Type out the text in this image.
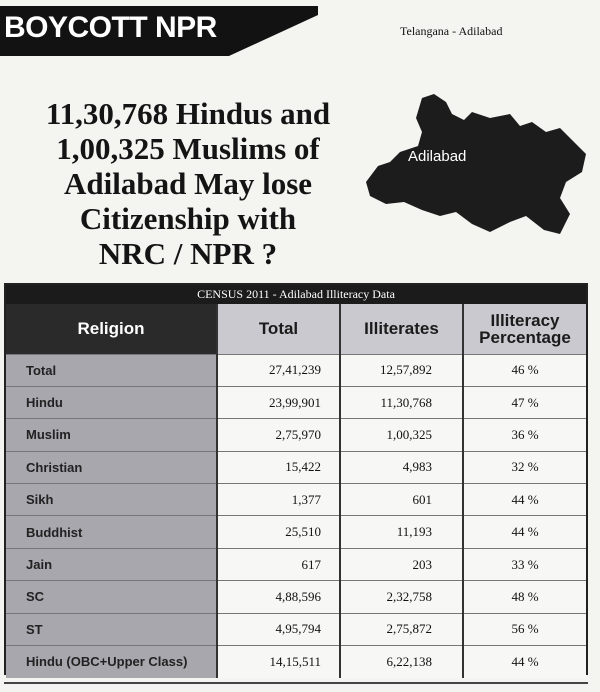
BOYCOTT NPR	Telangana - Adilabad
11,30,768 Hindus and
1,00,325 Muslims of
Adilabad May lose
Citizenship with
NRC / NPR ?
Adilabad
CENSUS 2011 - Adilabad Illiteracy Data
Religion	Total	Illiterates	Illiteracy Percentage
Total	27,41,239	12,57,892	46 %
Hindu	23,99,901	11,30,768	47 %
Muslim	2,75,970	1,00,325	36 %
Christian	15,422	4,983	32 %
Sikh	1,377	601	44 %
Buddhist	25,510	11,193	44 %
Jain	617	203	33 %
SC	4,88,596	2,32,758	48 %
ST	4,95,794	2,75,872	56 %
Hindu (OBC+Upper Class)	14,15,511	6,22,138	44 %
